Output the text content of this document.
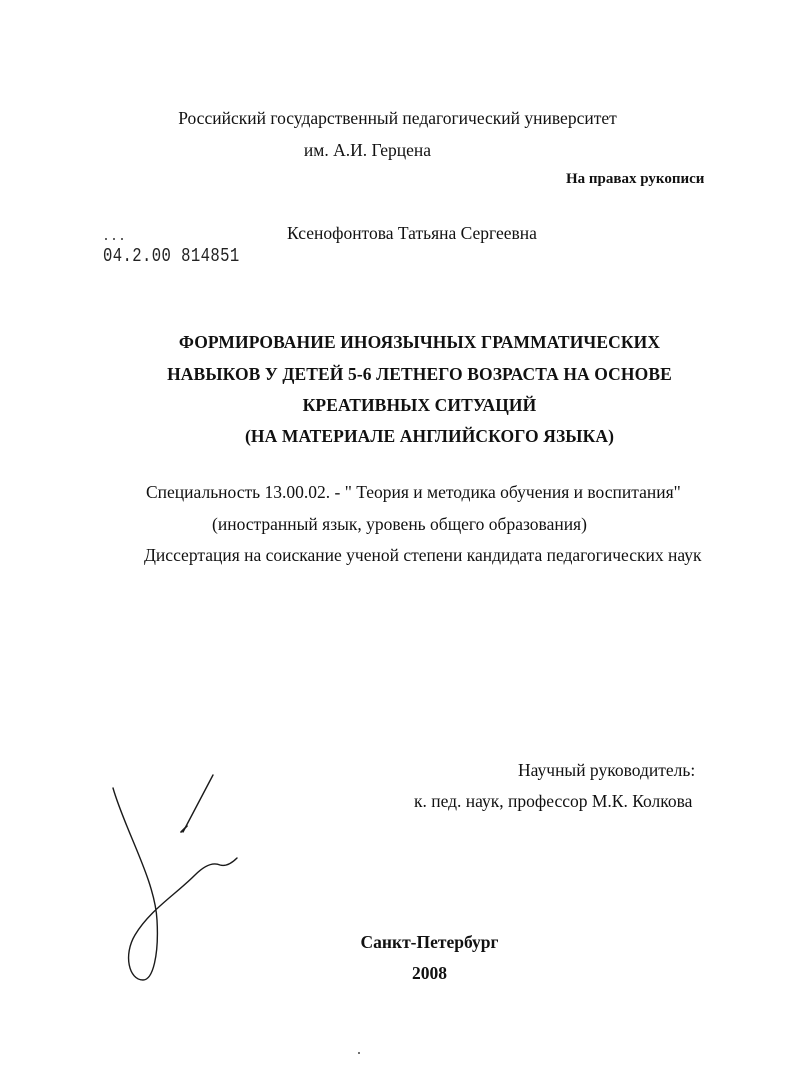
Российский государственный педагогический университет
им. А.И. Герцена
На правах рукописи
Ксенофонтова Татьяна Сергеевна
04.2.00 814851
ФОРМИРОВАНИЕ ИНОЯЗЫЧНЫХ ГРАММАТИЧЕСКИХ
НАВЫКОВ У ДЕТЕЙ 5-6 ЛЕТНЕГО ВОЗРАСТА НА ОСНОВЕ
КРЕАТИВНЫХ СИТУАЦИЙ
(НА МАТЕРИАЛЕ АНГЛИЙСКОГО ЯЗЫКА)
Специальность 13.00.02. - " Теория и методика обучения и воспитания"
(иностранный язык, уровень общего образования)
Диссертация на соискание ученой степени кандидата педагогических наук
Научный руководитель:
к. пед. наук, профессор М.К. Колкова
Санкт-Петербург
2008
